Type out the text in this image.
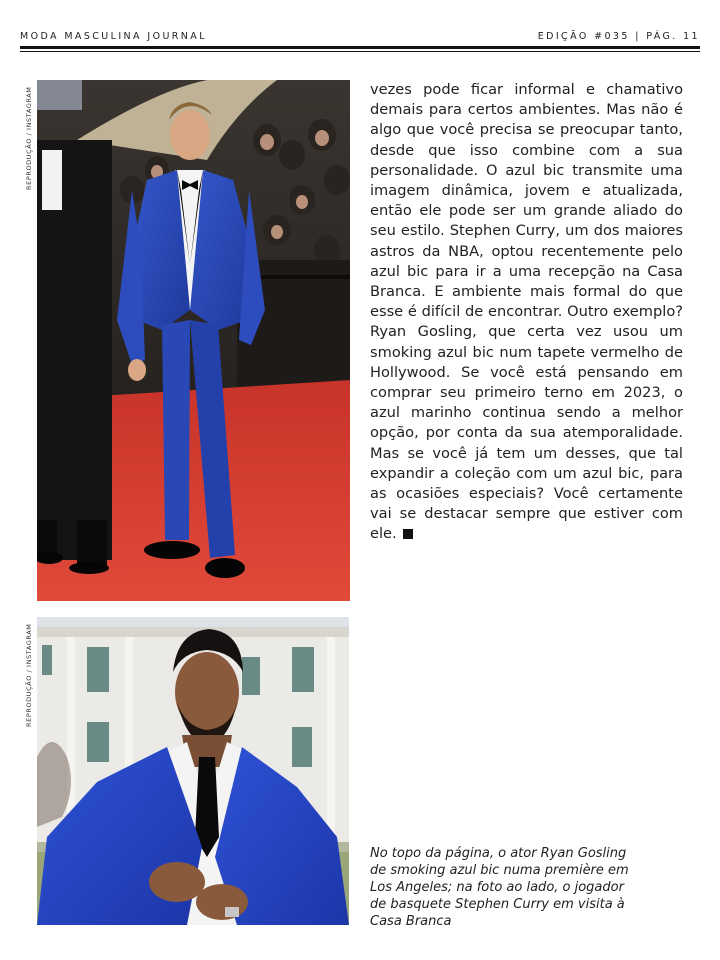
MODA MASCULINA JOURNAL	EDIÇÃO #035 | PÁG. 11
REPRODUÇÃO / INSTAGRAM
REPRODUÇÃO / INSTAGRAM

vezes pode ficar informal e chamativo demais para certos ambientes. Mas não é algo que você precisa se preocupar tanto, desde que isso combine com a sua personalidade. O azul bic transmite uma imagem dinâmica, jovem e atualizada, então ele pode ser um grande aliado do seu estilo. Stephen Curry, um dos maiores astros da NBA, optou recentemente pelo azul bic para ir a uma recepção na Casa Branca. E ambiente mais formal do que esse é difícil de encontrar. Outro exemplo? Ryan Gosling, que certa vez usou um smoking azul bic num tapete vermelho de Hollywood. Se você está pensando em comprar seu primeiro terno em 2023, o azul marinho continua sendo a melhor opção, por conta da sua atemporalidade. Mas se você já tem um desses, que tal expandir a coleção com um azul bic, para as ocasiões especiais? Você certamente vai se destacar sempre que estiver com ele.

No topo da página, o ator Ryan Gosling de smoking azul bic numa première em Los Angeles; na foto ao lado, o jogador de basquete Stephen Curry em visita à Casa Branca
